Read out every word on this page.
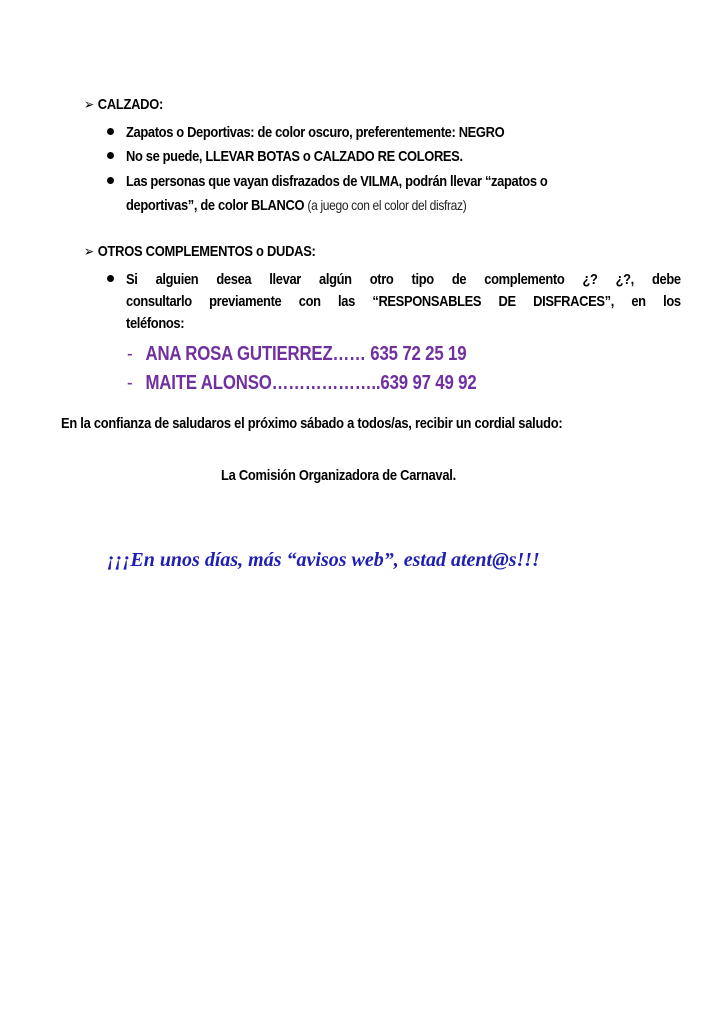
➢ CALZADO:
Zapatos o Deportivas: de color oscuro, preferentemente: NEGRO
No se puede, LLEVAR BOTAS o CALZADO RE COLORES.
Las personas que vayan disfrazados de VILMA, podrán llevar “zapatos o
deportivas”, de color BLANCO (a juego con el color del disfraz)
➢ OTROS COMPLEMENTOS o DUDAS:
Si alguien desea llevar algún otro tipo de complemento ¿? ¿?, debe
consultarlo previamente con las “RESPONSABLES DE DISFRACES”, en los
teléfonos:
- ANA ROSA GUTIERREZ…… 635 72 25 19
- MAITE ALONSO………………..639 97 49 92
En la confianza de saludaros el próximo sábado a todos/as, recibir un cordial saludo:
La Comisión Organizadora de Carnaval.
¡¡¡En unos días, más “avisos web”, estad atent@s!!!
